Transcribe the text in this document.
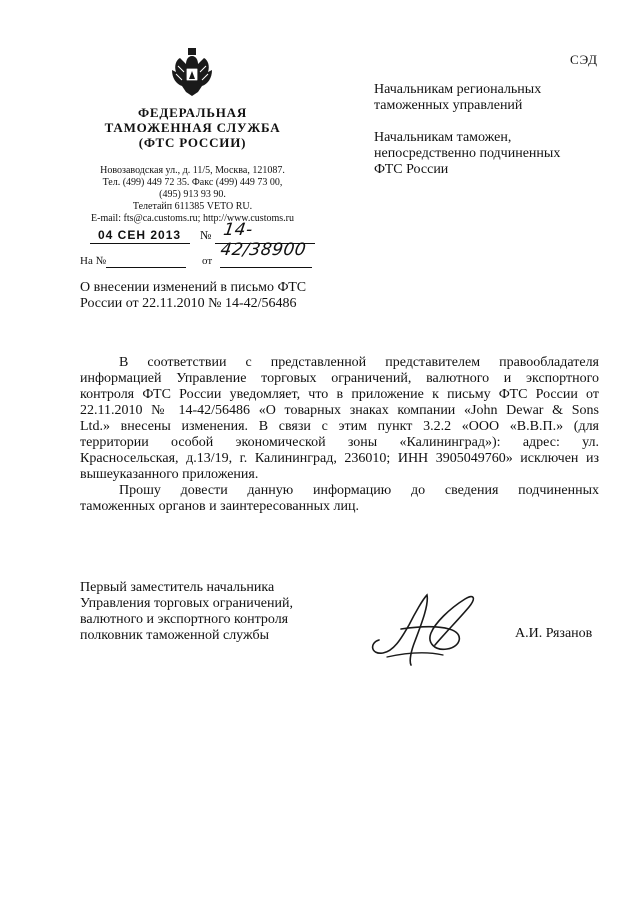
СЭД
ФЕДЕРАЛЬНАЯ
ТАМОЖЕННАЯ СЛУЖБА
(ФТС РОССИИ)
Новозаводская ул., д. 11/5, Москва, 121087.
Тел. (499) 449 72 35. Факс (499) 449 73 00,
(495) 913 93 90.
Телетайп 611385 VETO RU.
E-mail: fts@ca.customs.ru; http://www.customs.ru
04 СЕН 2013 № 14-42/38900
На №	от
О внесении изменений в письмо ФТС
России от 22.11.2010 № 14-42/56486
Начальникам региональных
таможенных управлений
Начальникам таможен,
непосредственно подчиненных
ФТС России
В соответствии с представленной представителем правообладателя
информацией Управление торговых ограничений, валютного и экспортного
контроля ФТС России уведомляет, что в приложение к письму ФТС России от
22.11.2010 № 14-42/56486 «О товарных знаках компании «John Dewar & Sons
Ltd.» внесены изменения. В связи с этим пункт 3.2.2 «ООО «В.В.П.» (для
территории особой экономической зоны «Калининград»): адрес: ул.
Красносельская, д.13/19, г. Калининград, 236010; ИНН 3905049760» исключен из
вышеуказанного приложения.
Прошу довести данную информацию до сведения подчиненных
таможенных органов и заинтересованных лиц.
Первый заместитель начальника
Управления торговых ограничений,
валютного и экспортного контроля
полковник таможенной службы	А.И. Рязанов
